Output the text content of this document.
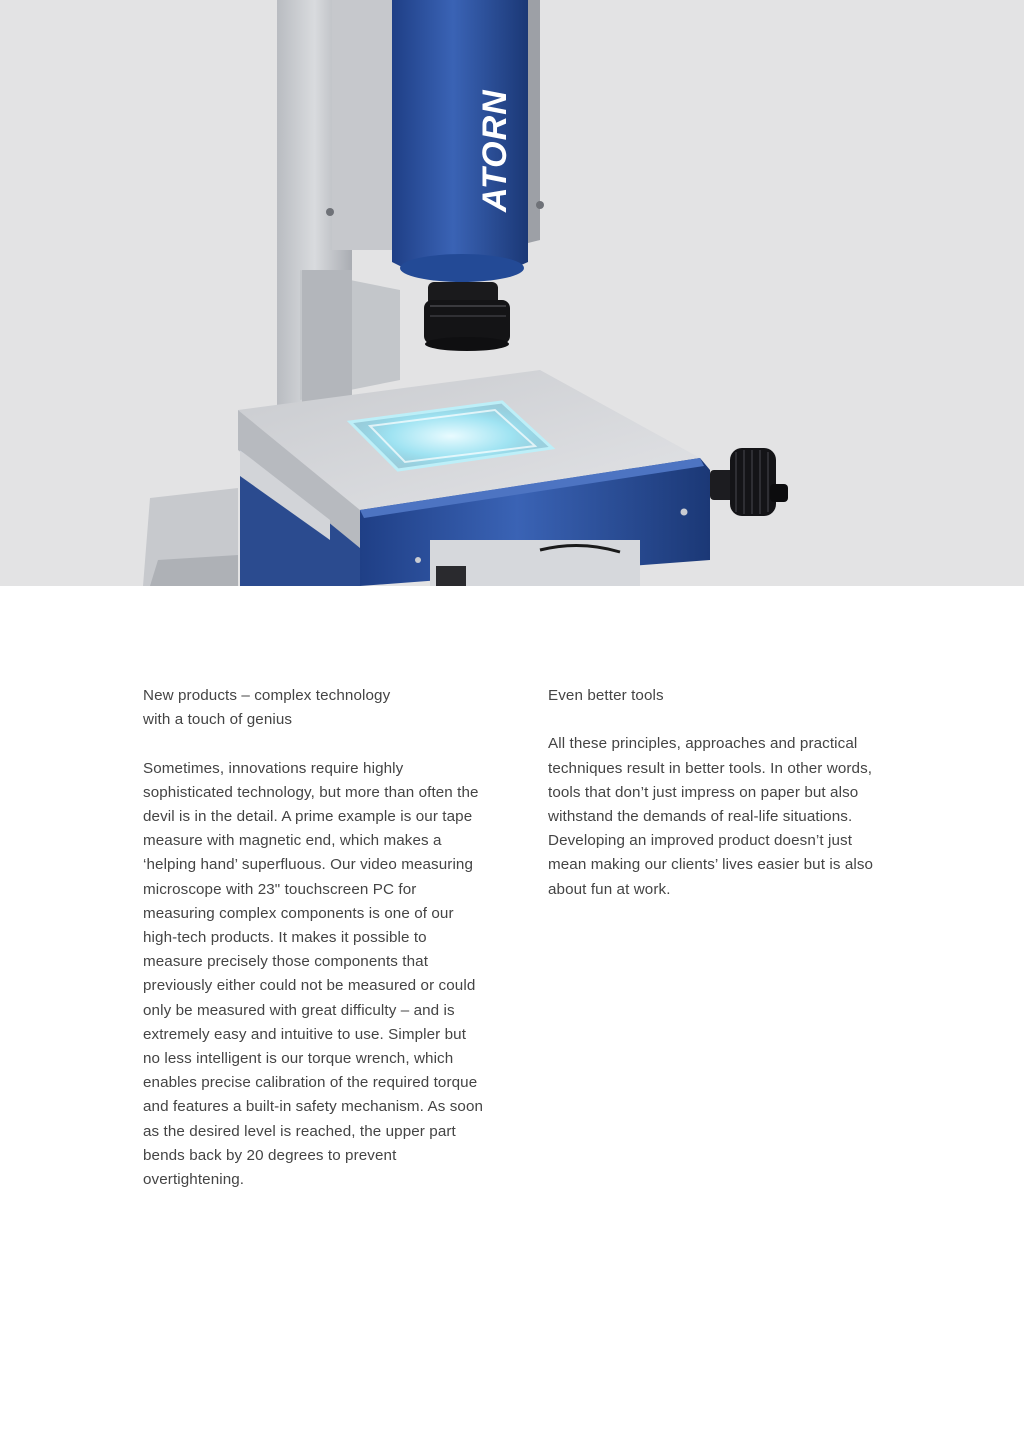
ATORN
New products – complex technology
with a touch of genius

Sometimes, innovations require highly
sophisticated technology, but more than often the
devil is in the detail. A prime example is our tape
measure with magnetic end, which makes a
‘helping hand’ superfluous. Our video measuring
microscope with 23" touchscreen PC for
measuring complex components is one of our
high-tech products. It makes it possible to
measure precisely those components that
previously either could not be measured or could
only be measured with great difficulty – and is
extremely easy and intuitive to use. Simpler but
no less intelligent is our torque wrench, which
enables precise calibration of the required torque
and features a built-in safety mechanism. As soon
as the desired level is reached, the upper part
bends back by 20 degrees to prevent
overtightening.

Even better tools

All these principles, approaches and practical
techniques result in better tools. In other words,
tools that don’t just impress on paper but also
withstand the demands of real-life situations.
Developing an improved product doesn’t just
mean making our clients’ lives easier but is also
about fun at work.
